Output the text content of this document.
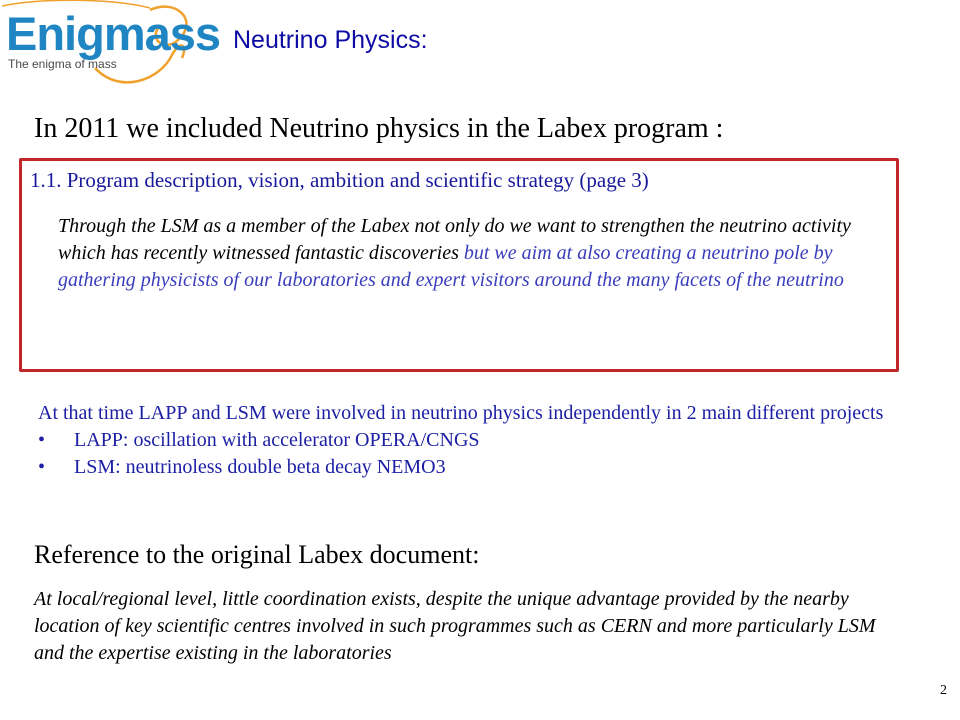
Enigmass
The enigma of mass
Neutrino Physics:
In 2011 we included Neutrino physics in the Labex program :
1.1. Program description, vision, ambition and scientific strategy (page 3)
Through the LSM as a member of the Labex not only do we want to strengthen the neutrino activity which has recently witnessed fantastic discoveries but we aim at also creating a neutrino pole by gathering physicists of our laboratories and expert visitors around the many facets of the neutrino
At that time LAPP and LSM were involved in neutrino physics independently in 2 main different projects
• LAPP: oscillation with accelerator OPERA/CNGS
• LSM: neutrinoless double beta decay NEMO3
Reference to the original Labex document:
At local/regional level, little coordination exists, despite the unique advantage provided by the nearby location of key scientific centres involved in such programmes such as CERN and more particularly LSM and the expertise existing in the laboratories
2
